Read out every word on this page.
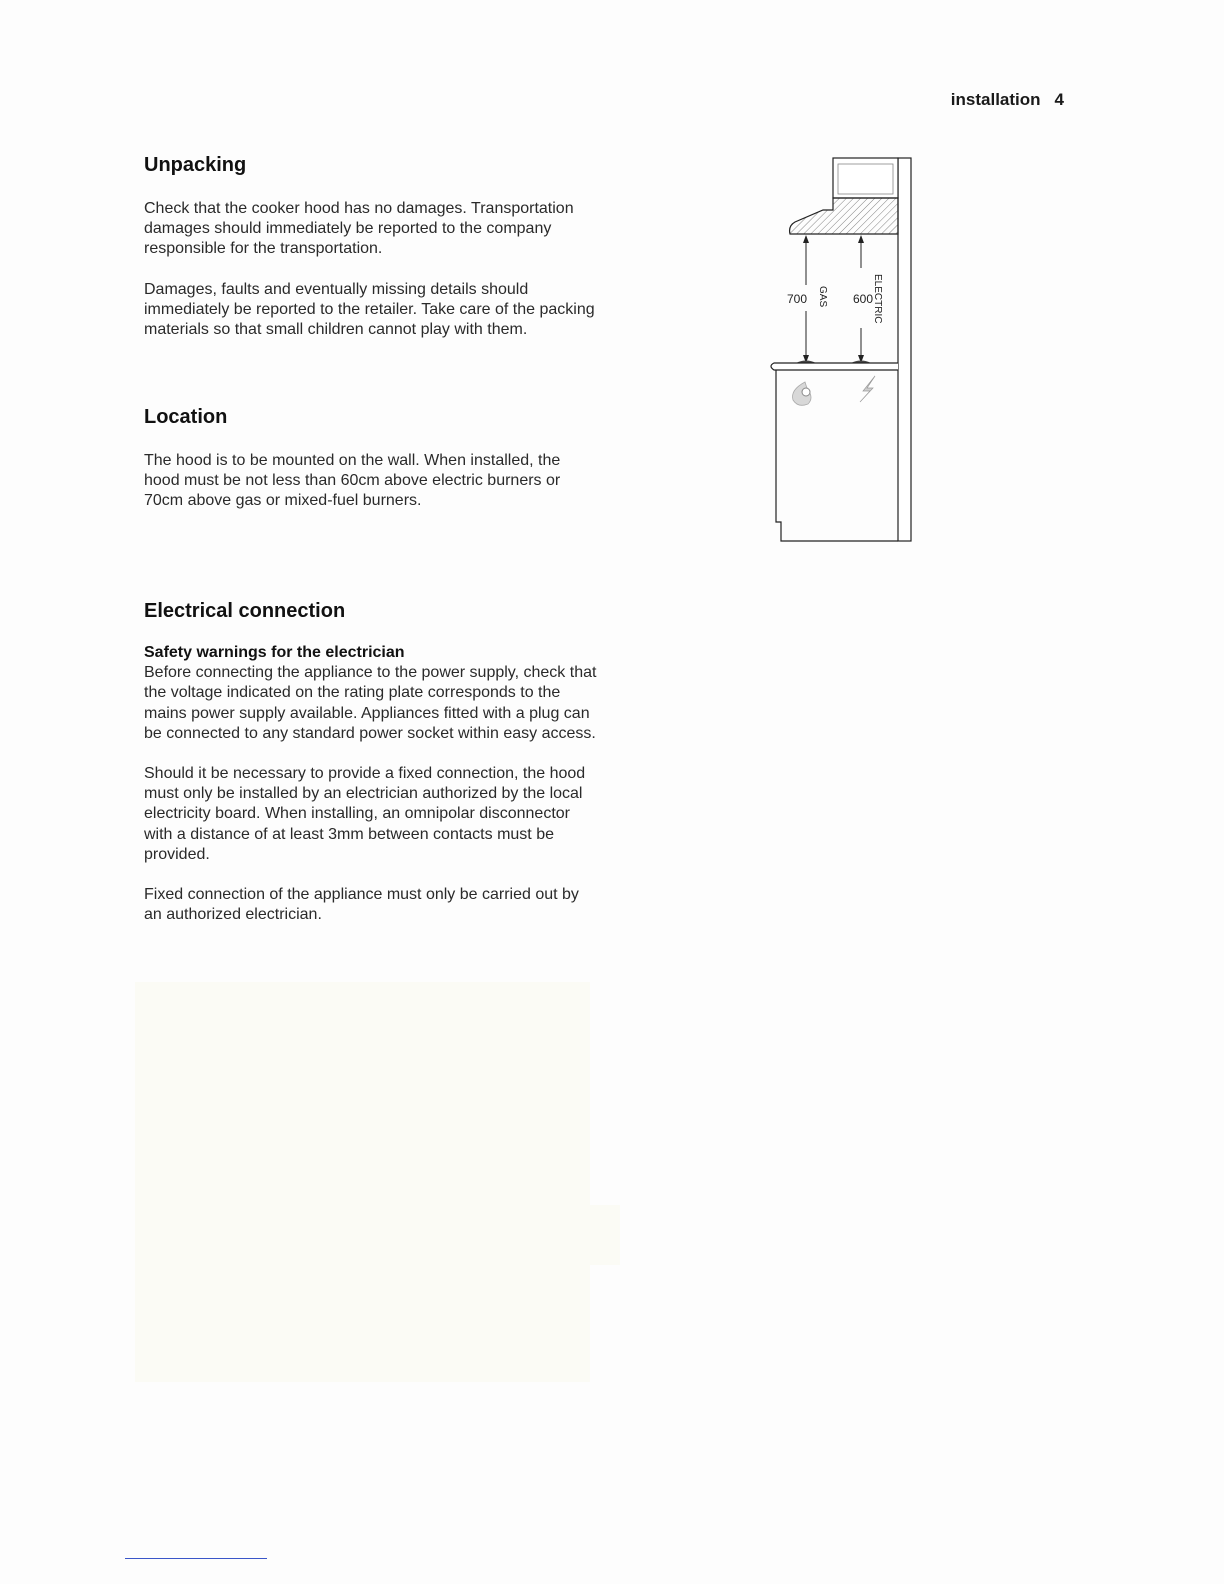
installation 4
Unpacking

Check that the cooker hood has no damages. Transportation damages should immediately be reported to the company responsible for the transportation.

Damages, faults and eventually missing details should immediately be reported to the retailer. Take care of the packing materials so that small children cannot play with them.

Location

The hood is to be mounted on the wall. When installed, the hood must be not less than 60cm above electric burners or 70cm above gas or mixed-fuel burners.

Electrical connection

Safety warnings for the electrician
Before connecting the appliance to the power supply, check that the voltage indicated on the rating plate corresponds to the mains power supply available. Appliances fitted with a plug can be connected to any standard power socket within easy access.

Should it be necessary to provide a fixed connection, the hood must only be installed by an electrician authorized by the local electricity board. When installing, an omnipolar disconnector with a distance of at least 3mm between contacts must be provided.

Fixed connection of the appliance must only be carried out by an authorized electrician.

700 GAS 600 ELECTRIC
